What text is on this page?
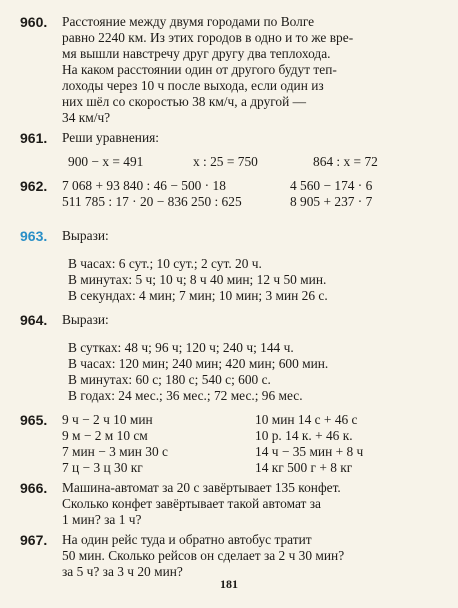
960.	Расстояние между двумя городами по Волге
равно 2240 км. Из этих городов в одно и то же вре-
мя вышли навстречу друг другу два теплохода.
На каком расстоянии один от другого будут теп-
лоходы через 10 ч после выхода, если один из
них шёл со скоростью 38 км/ч, а другой —
34 км/ч?
961.	Реши уравнения:
900 − x = 491	x : 25 = 750	864 : x = 72
962.	7 068 + 93 840 : 46 − 500 · 18	4 560 − 174 · 6
511 785 : 17 · 20 − 836 250 : 625	8 905 + 237 · 7
963.	Вырази:
В часах: 6 сут.; 10 сут.; 2 сут. 20 ч.
В минутах: 5 ч; 10 ч; 8 ч 40 мин; 12 ч 50 мин.
В секундах: 4 мин; 7 мин; 10 мин; 3 мин 26 с.
964.	Вырази:
В сутках: 48 ч; 96 ч; 120 ч; 240 ч; 144 ч.
В часах: 120 мин; 240 мин; 420 мин; 600 мин.
В минутах: 60 с; 180 с; 540 с; 600 с.
В годах: 24 мес.; 36 мес.; 72 мес.; 96 мес.
965.	9 ч − 2 ч 10 мин	10 мин 14 с + 46 с
9 м − 2 м 10 см	10 р. 14 к. + 46 к.
7 мин − 3 мин 30 с	14 ч − 35 мин + 8 ч
7 ц − 3 ц 30 кг	14 кг 500 г + 8 кг
966.	Машина-автомат за 20 с завёртывает 135 конфет.
Сколько конфет завёртывает такой автомат за
1 мин? за 1 ч?
967.	На один рейс туда и обратно автобус тратит
50 мин. Сколько рейсов он сделает за 2 ч 30 мин?
за 5 ч? за 3 ч 20 мин?
181
